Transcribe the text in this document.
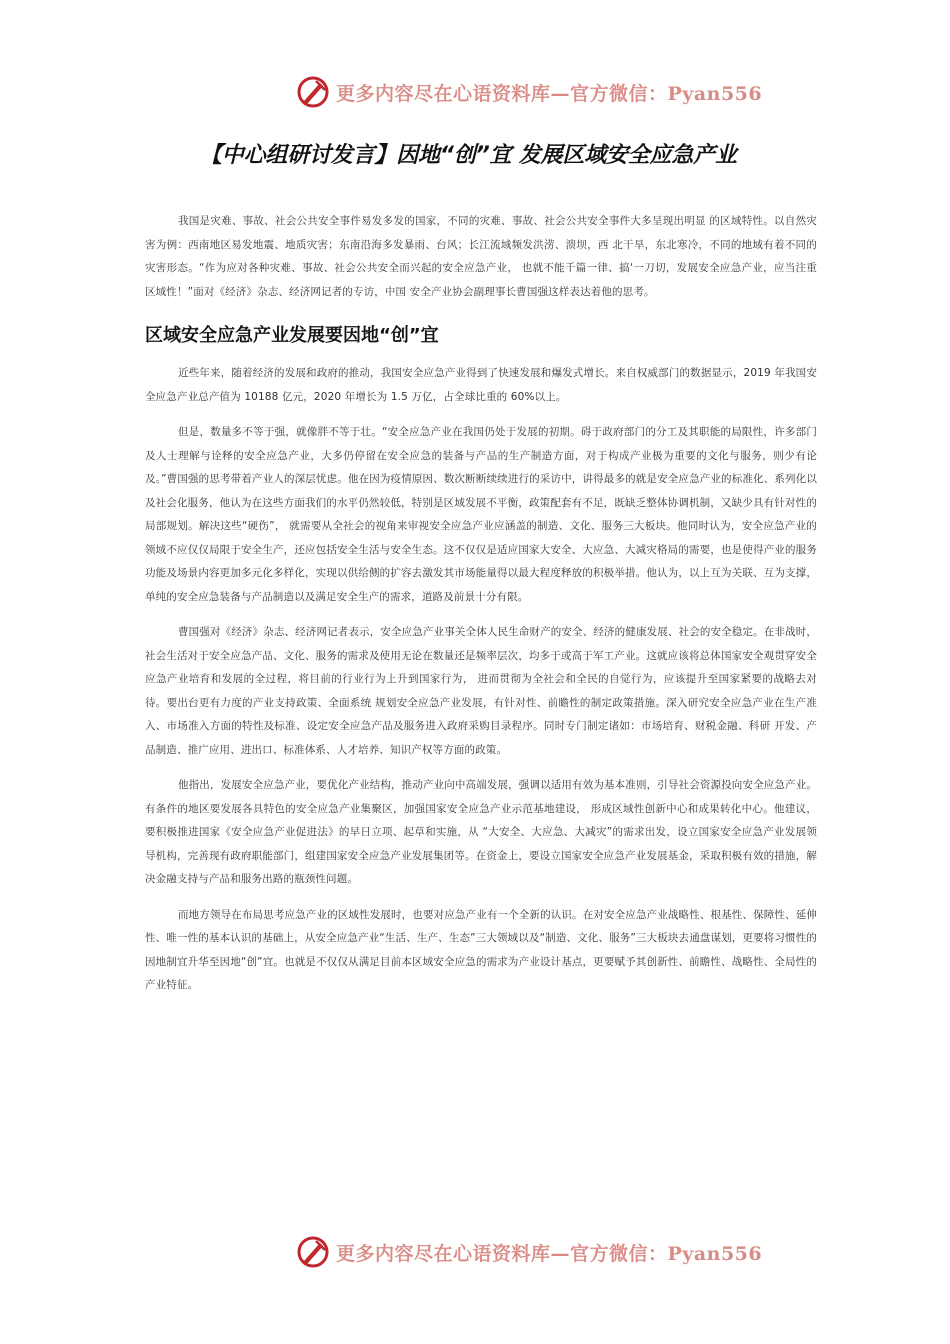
更多内容尽在心语资料库—官方微信：Pyan556
【中心组研讨发言】因地“创”宜 发展区域安全应急产业

我国是灾难、事故、社会公共安全事件易发多发的国家，不同的灾难、事故、社会公共安全事件大多呈现出明显 的区域特性。以自然灾害为例：西南地区易发地震、地质灾害；东南沿海多发暴雨、台风；长江流域频发洪涝、溃坝，西 北干旱，东北寒冷，不同的地域有着不同的灾害形态。“作为应对各种灾难、事故、社会公共安全而兴起的安全应急产业， 也就不能千篇一律、搞‘一刀切，发展安全应急产业，应当注重区域性！”面对《经济》杂志、经济网记者的专访，中国 安全产业协会副理事长曹国强这样表达着他的思考。

区域安全应急产业发展要因地“创”宜

近些年来，随着经济的发展和政府的推动，我国安全应急产业得到了快速发展和爆发式增长。来自权威部门的数据显示，2019 年我国安全应急产业总产值为 10188 亿元，2020 年增长为 1.5 万亿，占全球比重的 60%以上。

但是，数量多不等于强，就像胖不等于壮。“安全应急产业在我国仍处于发展的初期。碍于政府部门的分工及其职能的局限性，许多部门及人士理解与诠释的安全应急产业，大多仍停留在安全应急的装备与产品的生产制造方面，对于构成产业极为重要的文化与服务，则少有论及。”曹国强的思考带着产业人的深层忧虑。他在因为疫情原因、数次断断续续进行的采访中，讲得最多的就是安全应急产业的标准化、系列化以及社会化服务，他认为在这些方面我们的水平仍然较低，特别是区域发展不平衡，政策配套有不足，既缺乏整体协调机制，又缺少具有针对性的局部规划。解决这些“硬伤”， 就需要从全社会的视角来审视安全应急产业应涵盖的制造、文化、服务三大板块。他同时认为，安全应急产业的领域不应仅仅局限于安全生产，还应包括安全生活与安全生态。这不仅仅是适应国家大安全、大应急、大减灾格局的需要，也是使得产业的服务功能及场景内容更加多元化多样化，实现以供给侧的扩容去激发其市场能量得以最大程度释放的积极举措。他认为，以上互为关联、互为支撑，单纯的安全应急装备与产品制造以及满足安全生产的需求，道路及前景十分有限。

曹国强对《经济》杂志、经济网记者表示，安全应急产业事关全体人民生命财产的安全、经济的健康发展、社会的安全稳定。在非战时，社会生活对于安全应急产品、文化、服务的需求及使用无论在数量还是频率层次，均多于或高于军工产业。这就应该将总体国家安全观贯穿安全应急产业培育和发展的全过程，将目前的行业行为上升到国家行为， 进而贯彻为全社会和全民的自觉行为，应该提升至国家紧要的战略去对待。要出台更有力度的产业支持政策、全面系统 规划安全应急产业发展，有针对性、前瞻性的制定政策措施。深入研究安全应急产业在生产准入、市场准入方面的特性及标准、设定安全应急产品及服务进入政府采购目录程序。同时专门制定诸如：市场培育、财税金融、科研 开发、产品制造、推广应用、进出口、标准体系、人才培养、知识产权等方面的政策。

他指出，发展安全应急产业，要优化产业结构，推动产业向中高端发展，强调以适用有效为基本准则，引导社会资源投向安全应急产业。有条件的地区要发展各具特色的安全应急产业集聚区，加强国家安全应急产业示范基地建设， 形成区域性创新中心和成果转化中心。他建议，要积极推进国家《安全应急产业促进法》的早日立项、起草和实施，从 “大安全、大应急、大减灾”的需求出发，设立国家安全应急产业发展领导机构，完善现有政府职能部门，组建国家安全应急产业发展集团等。在资金上，要设立国家安全应急产业发展基金，采取积极有效的措施，解决金融支持与产品和服务出路的瓶颈性问题。

而地方领导在布局思考应急产业的区域性发展时，也要对应急产业有一个全新的认识。在对安全应急产业战略性、根基性、保障性、延伸性、唯一性的基本认识的基础上，从安全应急产业“生活、生产、生态”三大领域以及“制造、文化、服务”三大板块去通盘谋划，更要将习惯性的因地制宜升华至因地“创”宜。也就是不仅仅从满足目前本区域安全应急的需求为产业设计基点，更要赋予其创新性、前瞻性、战略性、全局性的产业特征。

更多内容尽在心语资料库—官方微信：Pyan556
